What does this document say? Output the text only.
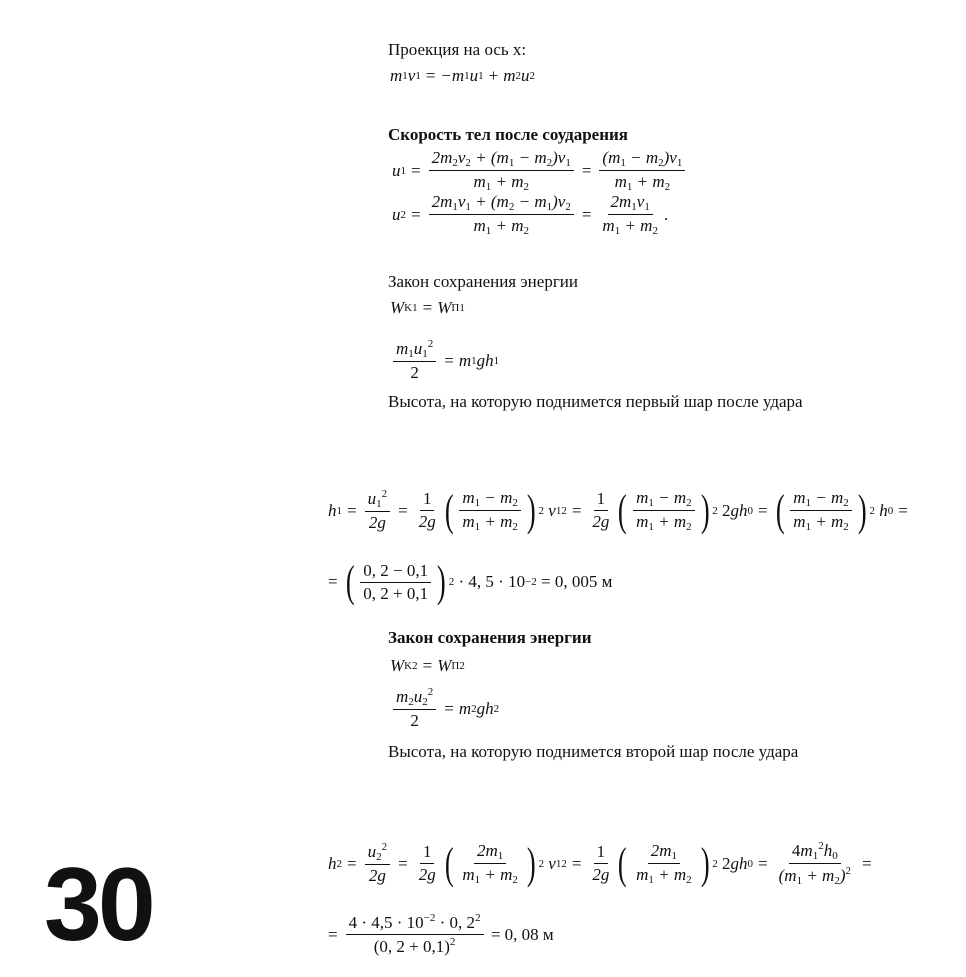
Проекция на ось x:
m 1 v 1 = −m 1 u 1 + m 2 u 2
Скорость тел после соударения
u $1 = \frac{2m_2v_2 + (m_1 - m_2)v_1}{m_1 + m_2} = \frac{(m_1 - m_2)v_1}{m_1 + m_2}$
u $2 = \frac{2m_1v_1 + (m_2 - m_1)v_2}{m_1 + m_2} = \frac{2m_1v_1}{m_1 + m_2}$ .
Закон сохранения энергии
W K1 = W П1
$\frac{m_1u_1^2}{2} = m$ 1 gh 1
Высота, на которую поднимется первый шар после удара
h $1 = \frac{u_1^2}{2g} = \frac{1}{2g}$ ( $\frac{m_1 - m_2}{m_1 + m_2}$ ) 2 v 1 $2 = \frac{1}{2g}$ ( $\frac{m_1 - m_2}{m_1 + m_2}$ ) 2
2 gh 0 = ( $\frac{m_1 - m_2}{m_1 + m_2}$ ) 2 h 0 =
= ( $\frac{0, 2 - 0,1}{0, 2 + 0,1}$ ) 2
· 4, 5 · 10 −2
= 0, 005 м
Закон сохранения энергии
W K2 = W П2
$\frac{m_2u_2^2}{2} = m$ 2 gh 2
Высота, на которую поднимется второй шар после удара
h $2 = \frac{u_2^2}{2g} = \frac{1}{2g}$ ( $\frac{2m_1}{m_1 + m_2}$ ) 2 v 1 $2 = \frac{1}{2g}$ ( $\frac{2m_1}{m_1 + m_2}$ ) 2
2 gh $0 = \frac{4m_1^2h_0}{(m_1 + m_2)^2}$ =
= $\frac{4 \cdot 4,5 \cdot 10^{-2} \cdot 0, 2^2}{(0, 2 + 0,1)^2}$
= 0, 08 м
30
